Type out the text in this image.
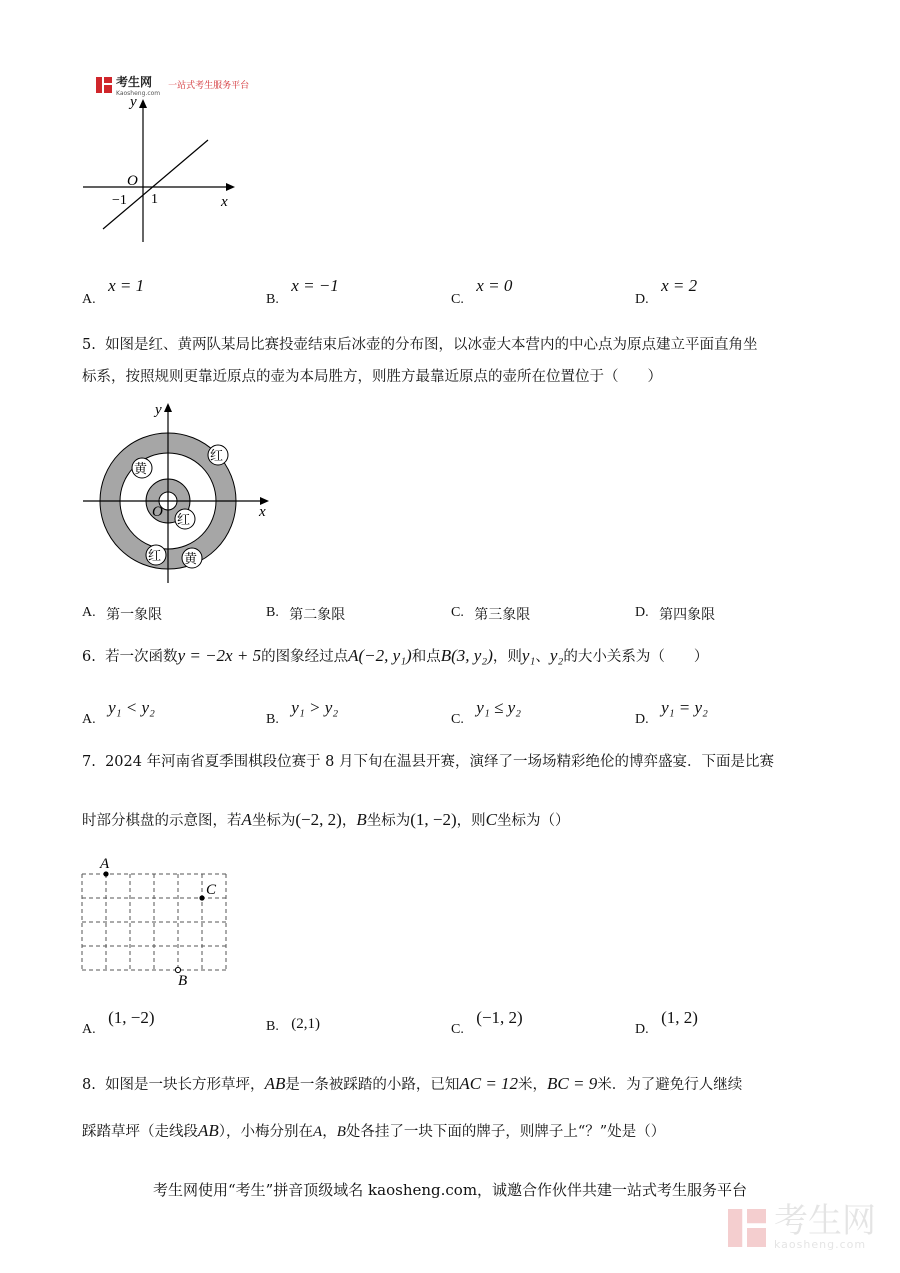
考生网
Kaosheng.com
一站式考生服务平台
y
x
O
−1 1
A. x = 1
B. x = −1
C. x = 0
D. x = 2
5. 如图是红、黄两队某局比赛投壶结束后冰壶的分布图，以冰壶大本营内的中心点为原点建立平面直角坐
标系，按照规则更靠近原点的壶为本局胜方，则胜方最靠近原点的壶所在位置位于（　　）
y
x
O
黄
红
红
红 黄
A. 第一象限	B. 第二象限	C. 第三象限	D. 第四象限
6. 若一次函数y = −2x + 5的图象经过点A(−2, y₁)和点B(3, y₂)，则y₁、y₂的大小关系为（　　）
A. y₁ < y₂
B. y₁ > y₂
C. y₁ ≤ y₂
D. y₁ = y₂
7. 2024 年河南省夏季围棋段位赛于 8 月下旬在温县开赛，演绎了一场场精彩绝伦的博弈盛宴．下面是比赛
时部分棋盘的示意图，若A坐标为(−2, 2)，B坐标为(1, −2)，则C坐标为（）
A
C
B
A. (1, −2)	B. (2,1)	C. (−1, 2)
D. (1, 2)
8. 如图是一块长方形草坪，AB是一条被踩踏的小路，已知AC = 12米，BC = 9米．为了避免行人继续
踩踏草坪（走线段AB），小梅分别在A，B处各挂了一块下面的牌子，则牌子上“？”处是（）
考生网使用“考生”拼音顶级域名 kaosheng.com，诚邀合作伙伴共建一站式考生服务平台
考生网
kaosheng.com
